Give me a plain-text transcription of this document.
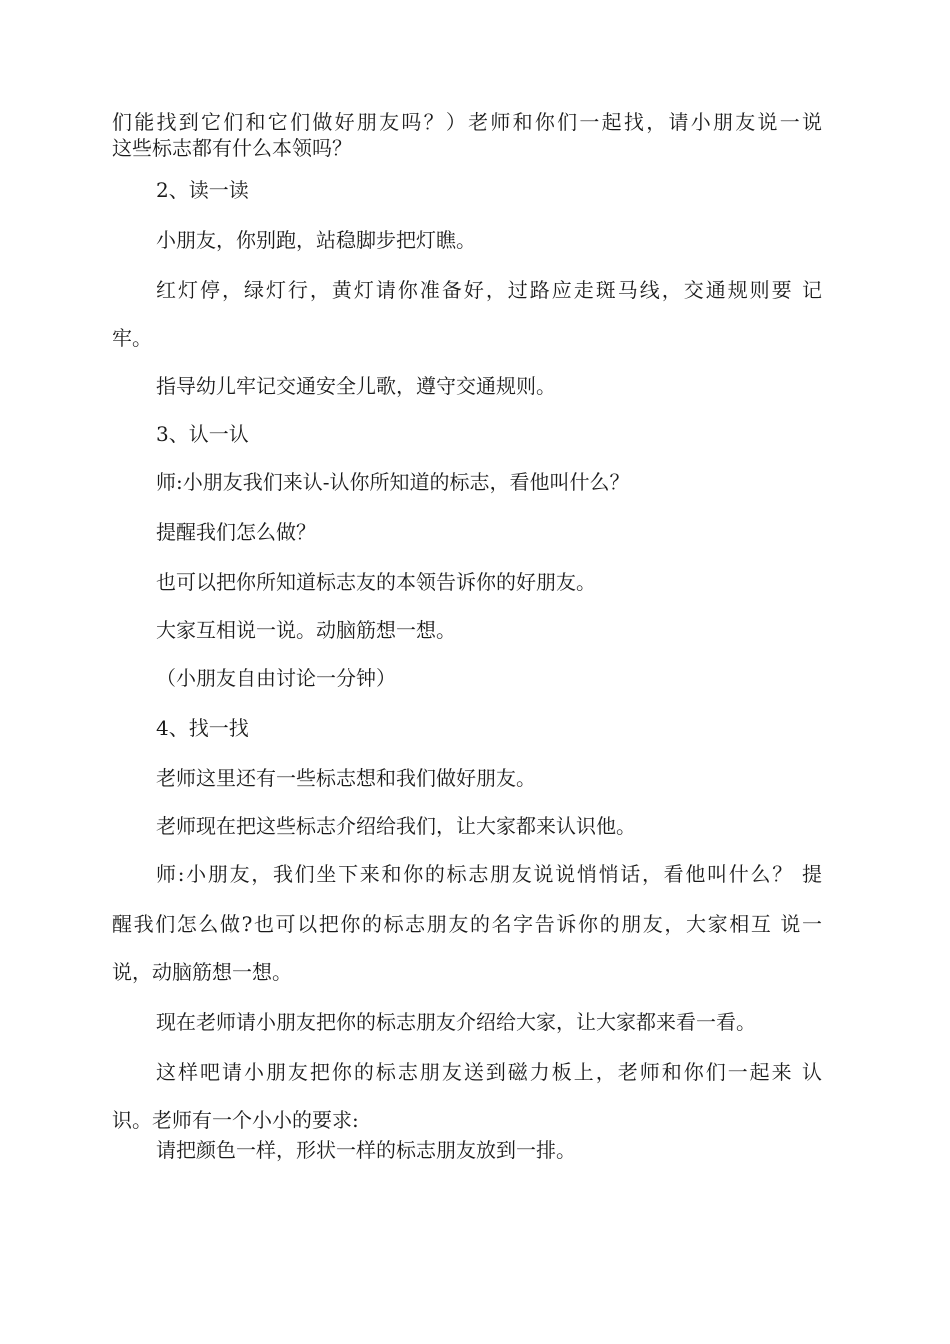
们能找到它们和它们做好朋友吗？）老师和你们一起找，请小朋友说一说
这些标志都有什么本领吗？
2、读一读
小朋友，你别跑，站稳脚步把灯瞧。
红灯停，绿灯行，黄灯请你准备好，过路应走斑马线，交通规则要 记
牢。
指导幼儿牢记交通安全儿歌，遵守交通规则。
3、认一认
师:小朋友我们来认-认你所知道的标志，看他叫什么？
提醒我们怎么做？
也可以把你所知道标志友的本领告诉你的好朋友。
大家互相说一说。动脑筋想一想。
（小朋友自由讨论一分钟）
4、找一找
老师这里还有一些标志想和我们做好朋友。
老师现在把这些标志介绍给我们，让大家都来认识他。
师:小朋友，我们坐下来和你的标志朋友说说悄悄话，看他叫什么？ 提
醒我们怎么做?也可以把你的标志朋友的名字告诉你的朋友，大家相互 说一
说，动脑筋想一想。
现在老师请小朋友把你的标志朋友介绍给大家，让大家都来看一看。
这样吧请小朋友把你的标志朋友送到磁力板上，老师和你们一起来 认
识。老师有一个小小的要求:
请把颜色一样，形状一样的标志朋友放到一排。
